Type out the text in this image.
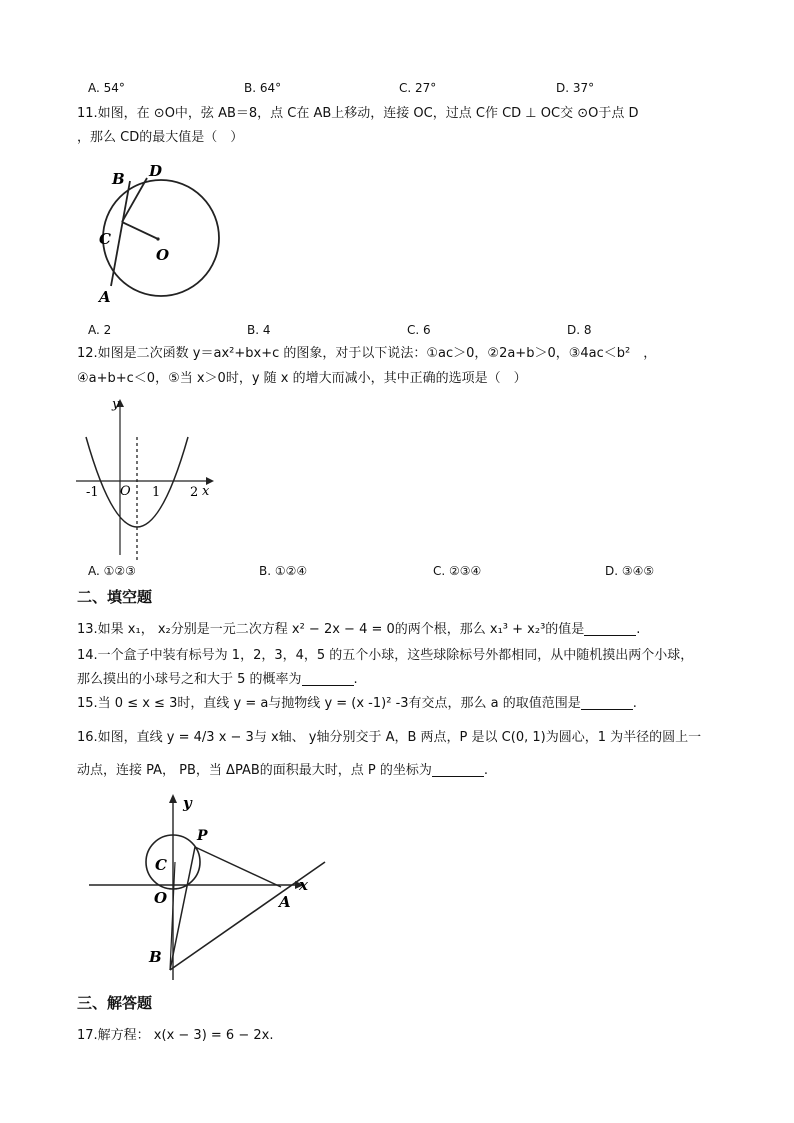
A. 54°	B. 64°	C. 27°	D. 37°
11.如图，在 ⊙O中，弦 AB＝8，点 C在 AB上移动，连接 OC，过点 C作 CD ⊥ OC交 ⊙O于点 D
，那么 CD的最大值是（　）
B D
C
O
A
A. 2	B. 4	C. 6	D. 8
12.如图是二次函数 y＝ax²+bx+c 的图象，对于以下说法：①ac＞0，②2a+b＞0，③4ac＜b²　，
④a+b+c＜0，⑤当 x＞0时，y 随 x 的增大而减小，其中正确的选项是（　）
y
x
-1 O 1 2
A. ①②③	B. ①②④	C. ②③④	D. ③④⑤
二、填空题
13.如果 x₁， x₂分别是一元二次方程 x² − 2x − 4 = 0的两个根，那么 x₁³ + x₂³的值是	.
14.一个盒子中装有标号为 1，2，3，4，5 的五个小球，这些球除标号外都相同，从中随机摸出两个小球，
那么摸出的小球号之和大于 5 的概率为	.
15.当 0 ≤ x ≤ 3时，直线 y = a与抛物线 y = (x -1)² -3有交点，那么 a 的取值范围是	.
16.如图，直线 y = 4/3 x − 3与 x轴、 y轴分别交于 A，B 两点，P 是以 C(0, 1)为圆心，1 为半径的圆上一
动点，连接 PA， PB，当 ΔPAB的面积最大时，点 P 的坐标为	.
y
x
P
C
O	A
B
三、解答题
17.解方程： x(x − 3) = 6 − 2x.
